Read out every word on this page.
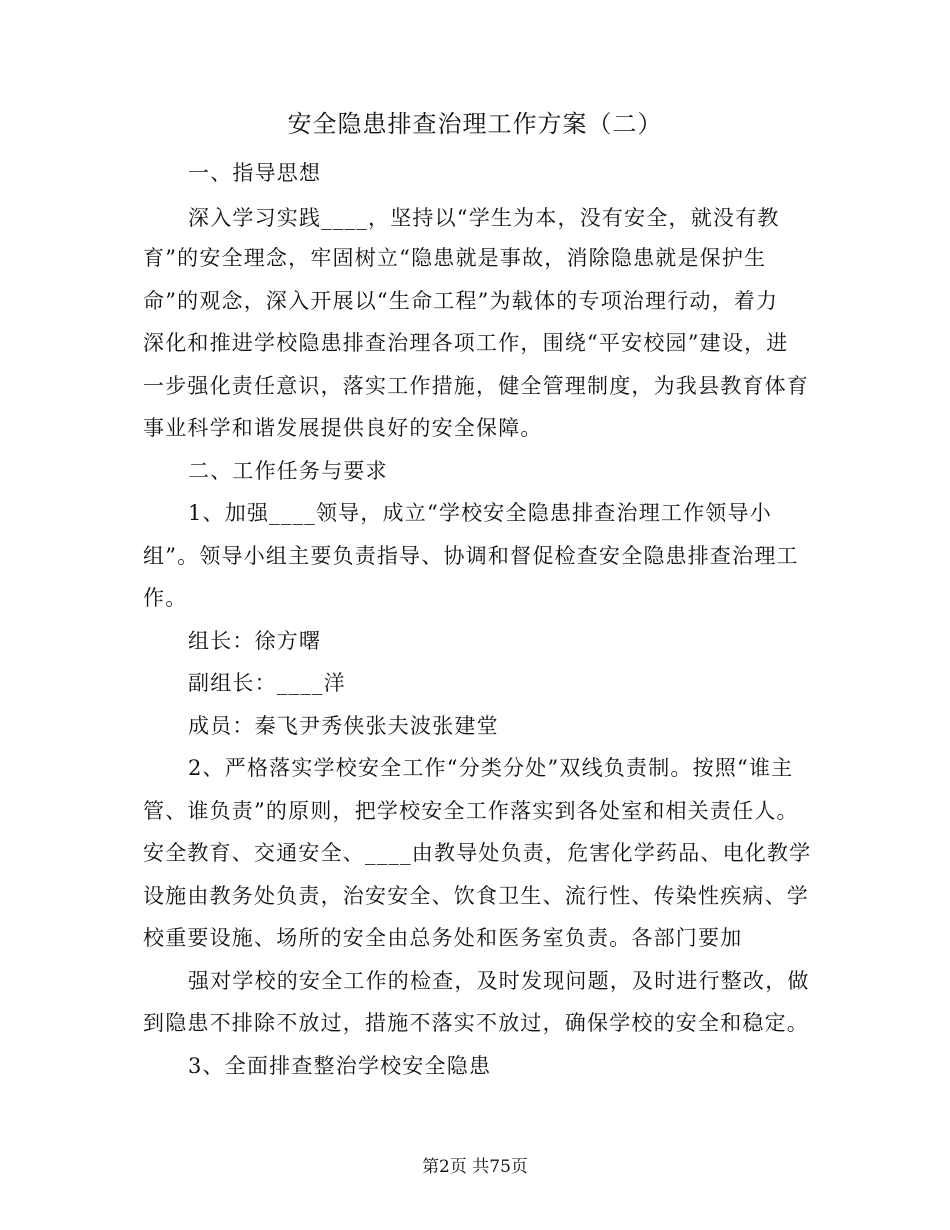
安全隐患排查治理工作方案（二）
一、指导思想
深入学习实践____，坚持以“学生为本，没有安全，就没有教
育”的安全理念，牢固树立“隐患就是事故，消除隐患就是保护生
命”的观念，深入开展以“生命工程”为载体的专项治理行动，着力
深化和推进学校隐患排查治理各项工作，围绕“平安校园”建设，进
一步强化责任意识，落实工作措施，健全管理制度，为我县教育体育
事业科学和谐发展提供良好的安全保障。
二、工作任务与要求
1、加强____领导，成立“学校安全隐患排查治理工作领导小
组”。领导小组主要负责指导、协调和督促检查安全隐患排查治理工
作。
组长：徐方曙
副组长：____洋
成员：秦飞尹秀侠张夫波张建堂
2、严格落实学校安全工作“分类分处”双线负责制。按照“谁主
管、谁负责”的原则，把学校安全工作落实到各处室和相关责任人。
安全教育、交通安全、____由教导处负责，危害化学药品、电化教学
设施由教务处负责，治安安全、饮食卫生、流行性、传染性疾病、学
校重要设施、场所的安全由总务处和医务室负责。各部门要加
强对学校的安全工作的检查，及时发现问题，及时进行整改，做
到隐患不排除不放过，措施不落实不放过，确保学校的安全和稳定。
3、全面排查整治学校安全隐患
第2页 共75页
